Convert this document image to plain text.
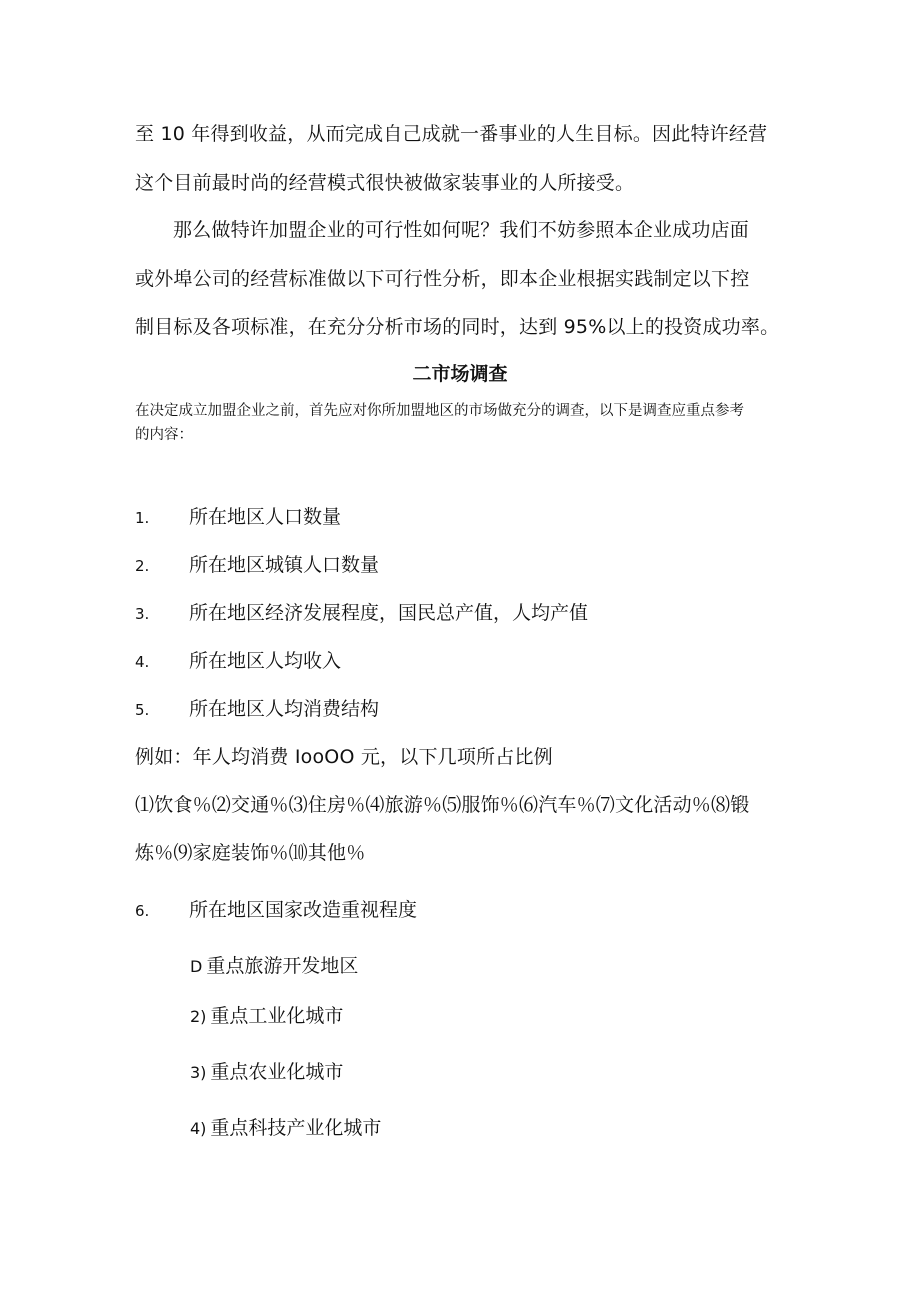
至 10 年得到收益，从而完成自己成就一番事业的人生目标。因此特许经营
这个目前最时尚的经营模式很快被做家装事业的人所接受。
那么做特许加盟企业的可行性如何呢？我们不妨参照本企业成功店面
或外埠公司的经营标准做以下可行性分析，即本企业根据实践制定以下控
制目标及各项标准，在充分分析市场的同时，达到 95%以上的投资成功率。
二市场调查
在决定成立加盟企业之前，首先应对你所加盟地区的市场做充分的调查，以下是调查应重点参考
的内容：
1. 所在地区人口数量
2. 所在地区城镇人口数量
3. 所在地区经济发展程度，国民总产值，人均产值
4. 所在地区人均收入
5. 所在地区人均消费结构
例如：年人均消费 IooOO 元，以下几项所占比例
⑴饮食％⑵交通％⑶住房％⑷旅游％⑸服饰％⑹汽车％⑺文化活动％⑻锻
炼％⑼家庭装饰％⑽其他％
6. 所在地区国家改造重视程度
D 重点旅游开发地区
2) 重点工业化城市
3) 重点农业化城市
4) 重点科技产业化城市
